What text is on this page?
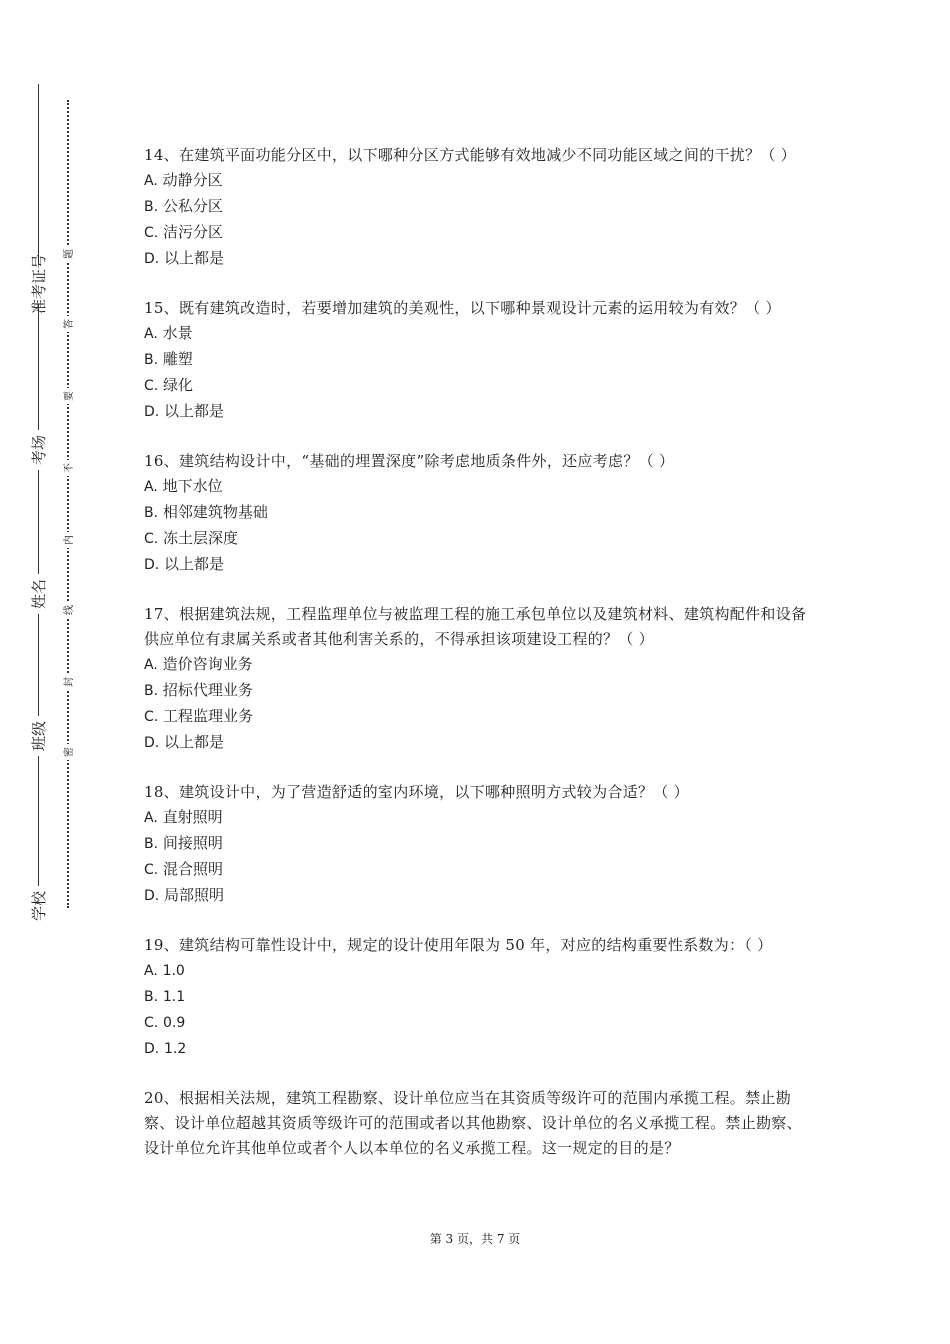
准考证号
考场
姓名
班级
学校
题
答
要
不
内
线
封
密
14、在建筑平面功能分区中，以下哪种分区方式能够有效地减少不同功能区域之间的干扰？（ ）
A. 动静分区
B. 公私分区
C. 洁污分区
D. 以上都是
15、既有建筑改造时，若要增加建筑的美观性，以下哪种景观设计元素的运用较为有效？（ ）
A. 水景
B. 雕塑
C. 绿化
D. 以上都是
16、建筑结构设计中，“基础的埋置深度”除考虑地质条件外，还应考虑？（ ）
A. 地下水位
B. 相邻建筑物基础
C. 冻土层深度
D. 以上都是
17、根据建筑法规，工程监理单位与被监理工程的施工承包单位以及建筑材料、建筑构配件和设备供应单位有隶属关系或者其他利害关系的，不得承担该项建设工程的？（ ）
A. 造价咨询业务
B. 招标代理业务
C. 工程监理业务
D. 以上都是
18、建筑设计中，为了营造舒适的室内环境，以下哪种照明方式较为合适？（ ）
A. 直射照明
B. 间接照明
C. 混合照明
D. 局部照明
19、建筑结构可靠性设计中，规定的设计使用年限为 50 年，对应的结构重要性系数为：（ ）
A. 1.0
B. 1.1
C. 0.9
D. 1.2
20、根据相关法规，建筑工程勘察、设计单位应当在其资质等级许可的范围内承揽工程。禁止勘察、设计单位超越其资质等级许可的范围或者以其他勘察、设计单位的名义承揽工程。禁止勘察、设计单位允许其他单位或者个人以本单位的名义承揽工程。这一规定的目的是？
第 3 页，共 7 页
